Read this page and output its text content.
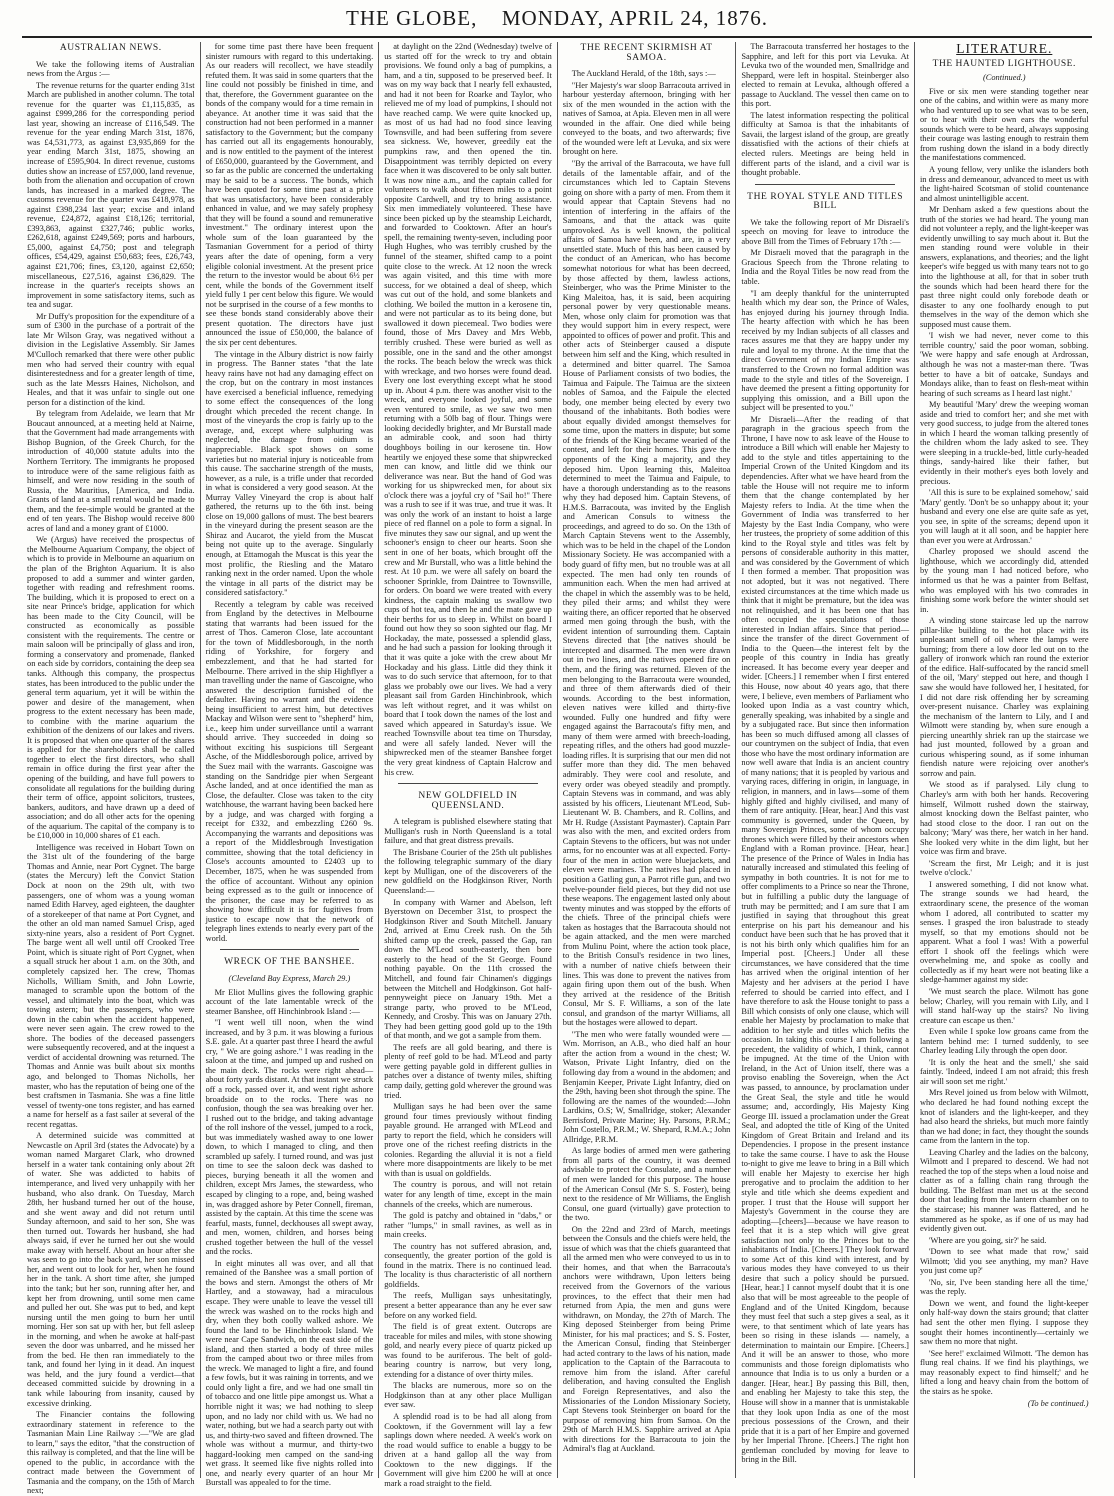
THE GLOBE, MONDAY, APRIL 24, 1876.
AUSTRALIAN NEWS.

We take the following items of Australian news from the Argus :—

The revenue returns for the quarter ending 31st March are published in another column. The total revenue for the quarter was £1,115,835, as against £999,286 for the corresponding period last year, showing an increase of £116,549. The revenue for the year ending March 31st, 1876, was £4,531,773, as against £3,935,869 for the year ending March 31st, 1875, showing an increase of £595,904. In direct revenue, customs duties show an increase of £57,000, land revenue, both from the alienation and occupation of crown lands, has increased in a marked degree. The customs revenue for the quarter was £418,978, as against £398,234 last year; excise and inland revenue, £24,872, against £18,126; territorial, £393,863, against £327,746; public works, £262,618, against £249,569; ports and harbours, £5,000, against £4,750; post and telegraph offices, £54,429, against £50,683; fees, £26,743, against £21,706; fines, £3,120, against £2,650; miscellaneous, £27,516, against £36,829. The increase in the quarter's receipts shows an improvement in some satisfactory items, such as tea and sugar.

Mr Duffy's proposition for the expenditure of a sum of £300 in the purchase of a portrait of the late Mr Wilson Gray, was negatived without a division in the Legislative Assembly. Sir James M'Culloch remarked that there were other public men who had served their country with equal disinterestedness and for a greater length of time, such as the late Messrs Haines, Nicholson, and Heales, and that it was unfair to single out one person for a distinction of the kind.

By telegram from Adelaide, we learn that Mr Boucaut announced, at a meeting held at Nairne, that the Government had made arrangements with Bishop Bugnion, of the Greek Church, for the introduction of 40,000 statute adults into the Northern Territory. The immigrants he proposed to introduce were of the same religious faith as himself, and were now residing in the south of Russia, the Mauritius, [America, and India. Grants of land at a small rental would be made to them, and the fee-simple would be granted at the end of ten years. The Bishop would receive 800 acres of land and a money grant of £1000.

We (Argus) have received the prospectus of the Melbourne Aquarium Company, the object of which is to provide in Melbourne an aquarium on the plan of the Brighton Aquarium. It is also proposed to add a summer and winter garden, together with reading and refreshment rooms. The building, which it is proposed to erect on a site near Prince's bridge, application for which has been made to the City Council, will be constructed as economically as possible consistent with the requirements. The centre or main saloon will be principally of glass and iron, forming a conservatory and promenade, flanked on each side by corridors, containing the deep sea tanks. Although this company, the prospectus states, has been introduced to the public under the general term aquarium, yet it will be within the power and desire of the management, when progress to the extent necessary has been made, to combine with the marine aquarium the exhibition of the denizens of our lakes and rivers. It is proposed that when one quarter of the shares is applied for the shareholders shall be called together to elect the first directors, who shall remain in office during the first year after the opening of the building, and have full powers to consolidate all regulations for the building during their term of office, appoint solicitors, trustees, bankers, auditors, and have drawn up a deed of association; and do all other acts for the opening of the aquarium. The capital of the company is to be £10,000 in 10,000 shares of £1 each.

Intelligence was received in Hobart Town on the 31st ult of the foundering of the barge Thomas and Annie, near Port Cygnet. The barge (states the Mercury) left the Convict Station Dock at noon on the 29th ult, with two passengers, one of whom was a young woman named Edith Harvey, aged eighteen, the daughter of a storekeeper of that name at Port Cygnet, and the other an old man named Samuel Crisp, aged sixty-nine years, also a resident of Port Cygnet. The barge went all well until off Crooked Tree Point, which is situate right of Port Cygnet, when a squall struck her about 1 a.m. on the 30th, and completely capsized her. The crew, Thomas Nicholls, William Smith, and John Lowrie, managed to scramble upon the bottom of the vessel, and ultimately into the boat, which was towing astern; but the passengers, who were down in the cabin when the accident happened, were never seen again. The crew rowed to the shore. The bodies of the deceased passengers were subsequently recovered, and at the inquest a verdict of accidental drowning was returned. The Thomas and Annie was built about six months ago, and belonged to Thomas Nicholls, her master, who has the reputation of being one of the best craftsmen in Tasmania. She was a fine little vessel of twenty-one tons register, and has earned a name for herself as a fast sailer at several of the recent regattas.

A determined suicide was committed at Newcastle on April 3rd (states the Advocate) by a woman named Margaret Clark, who drowned herself in a water tank containing only about 2ft of water. She was addicted to habits of intemperance, and lived very unhappily with her husband, who also drank. On Tuesday, March 28th, her husband turned her out of the house, and she went away and did not return until Sunday afternoon, and said to her son, She was then turned out. Towards her husband, she had always said, if ever he turned her out she would make away with herself. About an hour after she was seen to go into the back yard, her son missed her, and went out to look for her, when he found her in the tank. A short time after, she jumped into the tank; but her son, running after her, and kept her from drowning, until some men came and pulled her out. She was put to bed, and kept nursing until the men going to burn her until morning. Her son sat up with her, but fell asleep in the morning, and when he awoke at half-past seven the door was unbarred, and he missed her from the bed. He then ran immediately to the tank, and found her lying in it dead. An inquest was held, and the jury found a verdict—that deceased committed suicide by drowning in a tank while labouring from insanity, caused by excessive drinking.

The Financier contains the following extraordinary statement in reference to the Tasmanian Main Line Railway :—"We are glad to learn," says the editor, "that the construction of this railway is completed, and that the line will be opened to the public, in accordance with the contract made between the Government of Tasmania and the company, on the 15th of March next;

for some time past there have been frequent sinister rumours with regard to this undertaking. As our readers will recollect, we have steadily refuted them. It was said in some quarters that the line could not possibly be finished in time, and that, therefore, the Government guarantee on the bonds of the company would for a time remain in abeyance. At another time it was said that the construction had not been performed in a manner satisfactory to the Government; but the company has carried out all its engagements honourably, and is now entitled to the payment of the interest of £650,000, guaranteed by the Government, and so far as the public are concerned the undertaking may be said to be a success. The bonds, which have been quoted for some time past at a price that was unsatisfactory, have been considerably enhanced in value, and we may safely prophesy that they will be found a sound and remunerative investment." The ordinary interest upon the whole sum of the loan guaranteed by the Tasmanian Government for a period of thirty years after the date of opening, form a very eligible colonial investment. At the present price the return to the investor would be about 6½ per cent, while the bonds of the Government itself yield fully 1 per cent below this figure. We would not be surprised in the course of a few months to see these bonds stand considerably above their present quotation. The directors have just announced the issue of £50,000, the balance of the six per cent debentures.

The vintage in the Albury district is now fairly in progress. The Banner states "that the late heavy rains have not had any damaging effect on the crop, but on the contrary in most instances have exercised a beneficial influence, remedying to some effect the consequences of the long drought which preceded the recent change. In most of the vineyards the crop is fairly up to the average, and, except where sulphuring was neglected, the damage from oidium is inappreciable. Black spot shows on some varieties but no material injury is noticeable from this cause. The saccharine strength of the musts, however, as a rule, is a trifle under that recorded in what is considered a very good season. At the Murray Valley Vineyard the crop is about half gathered, the returns up to the 6th inst. being close on 19,000 gallons of must. The best bearers in the vineyard during the present season are the Shiraz and Aucarot, the yield from the Muscat being not quite up to the average. Singularly enough, at Ettamogah the Muscat is this year the most prolific, the Riesling and the Mataro ranking next in the order named. Upon the whole the vintage in all parts of the district may be considered satisfactory."

Recently a telegram by cable was received from England by the detectives in Melbourne stating that warrants had been issued for the arrest of Thos. Cameron Close, late accountant for the town of Middlesborough, in the north riding of Yorkshire, for forgery and embezzlement, and that he had started for Melbourne. There arrived in the ship Highflyer a man travelling under the name of Gascoigne, who answered the description furnished of the defaulter. Having no warrant and the evidence being insufficient to arrest him, but detectives Mackay and Wilson were sent to "shepherd" him, i.e., keep him under surveillance until a warrant should arrive. They succeeded in doing so without exciting his suspicions till Sergeant Asche, of the Middlesborough police, arrived by the Suez mail with the warrants. Gascoigne was standing on the Sandridge pier when Sergeant Asche landed, and at once identified the man as Close, the defaulter. Close was taken to the city watchhouse, the warrant having been backed here by a judge, and was charged with forging a receipt for £332, and embezzling £260 9s. Accompanying the warrants and depositions was a report of the Middlesbrough Investigation committee, showing that the total deficiency in Close's accounts amounted to £2403 up to December, 1875, when he was suspended from the office of accountant. Without any opinion being expressed as to the guilt or innocence of the prisoner, the case may be referred to as showing how difficult it is for fugitives from justice to escape now that the network of telegraph lines extends to nearly every part of the world.

WRECK OF THE BANSHEE.
(Cleveland Bay Express, March 29.)

Mr Eliot Mullins gives the following graphic account of the late lamentable wreck of the steamer Banshee, off Hinchinbrook Island :—

"I went well till noon, when the wind increased, and by 3 p.m. it was blowing a furious S.E. gale. At a quarter past three I heard the awful cry, " We are going ashore." I was reading in the saloon at the time, and jumped up and rushed on the main deck. The rocks were right ahead—about forty yards distant. At that instant we struck off a rock, passed over it, and went right ashore broadside on to the rocks. There was no confusion, though the sea was breaking over her. I rushed out to the bridge, and taking advantage of the roll inshore of the vessel, jumped to a rock, but was immediately washed away to one lower down, to which I managed to cling, and then scrambled up safely. I turned round, and was just on time to see the saloon deck was dashed to pieces, burying beneath it all the women and children, except Mrs James, the stewardess, who escaped by clinging to a rope, and, being washed in, was dragged ashore by Peter Connell, fireman, assisted by the captain. At this time the scene was fearful, masts, funnel, deckhouses all swept away, and men, women, children, and horses being crushed together between the hull of the vessel and the rocks.

In eight minutes all was over, and all that remained of the Banshee was a small portion of the bows and stern. Amongst the others of Mr Hartley, and a stowaway, had a miraculous escape. They were unable to leave the vessel till the wreck was washed on to the rocks high and dry, when they both coolly walked ashore. We found the land to be Hinchinbrook Island. We were near Cape Sandwich, on the east side of the island, and then started a body of three miles from the camped about two or three miles from the wreck. We managed to light a fire, and found a few fowls, but it was raining in torrents, and we could only light a fire, and we had one small tin of tobacco and one little pipe amongst us. What a horrible night it was; we had nothing to sleep upon, and no lady nor child with us. We had no water, nothing, but we had a search party out with us, and thirty-two saved and fifteen drowned. The whole was without a murmur, and thirty-two haggard-looking men camped on the sand-ing wet grass. It seemed like five nights rolled into one, and nearly every quarter of an hour Mr Burstall was appealed to for the time.

at daylight on the 22nd (Wednesday) twelve of us started off for the wreck to try and obtain provisions. We found only a bag of pumpkins, a ham, and a tin, supposed to be preserved beef. It was on my way back that I nearly fell exhausted, and had it not been for Roarke and Taylor, who relieved me of my load of pumpkins, I should not have reached camp. We were quite knocked up, as most of us had had no food since leaving Townsville, and had been suffering from severe sea sickness. We, however, greedily eat the pumpkins raw, and then opened the tin. Disappointment was terribly depicted on every face when it was discovered to be only salt butter. It was now nine a.m., and the captain called for volunteers to walk about fifteen miles to a point opposite Cardwell, and try to bring assistance. Six men immediately volunteered. These have since been picked up by the steamship Leichardt, and forwarded to Cooktown. After an hour's spell, the remaining twenty-seven, including poor Hugh Hughes, who was terribly crushed by the funnel of the steamer, shifted camp to a point quite close to the wreck. At 12 noon the wreck was again visited, and this time with more success, for we obtained a deal of sheep, which was cut out of the hold, and some blankets and clothing. We boiled the mutton in a kerosene tin, and were not particular as to its being done, but swallowed it down piecemeal. Two bodies were found, those of Mrs Davey and Mrs Webb, terribly crushed. These were buried as well as possible, one in the sand and the other amongst the rocks. The beach below the wreck was thick with wreckage, and two horses were found dead. Every one lost everything except what he stood up in. About 4 p.m. there was another visit to the wreck, and everyone looked joyful, and some even ventured to smile, as we saw two men returning with a 50lb bag of flour. Things were looking decidedly brighter, and Mr Burstall made an admirable cook, and soon had thirty doughboys boiling in our kerosene tin. How heartily we enjoyed these some that shipwrecked men can know, and little did we think our deliverance was near. But the hand of God was working for us shipwrecked men, for about six o'clock there was a joyful cry of "Sail ho!" There was a rush to see if it was true, and true it was. It was only the work of an instant to hoist a large piece of red flannel on a pole to form a signal. In five minutes they saw our signal, and up went the schooner's ensign to cheer our hearts. Soon she sent in one of her boats, which brought off the crew and Mr Burstall, who was a little behind the rest. At 10 p.m. we were all safely on board the schooner Sprinkle, from Daintree to Townsville, for orders. On board we were treated with every kindness, the captain making us swallow two cups of hot tea, and then he and the mate gave up their berths for us to sleep in. Whilst on board I found out how they so soon sighted our flag. Mr Hockaday, the mate, possessed a splendid glass, and he had such a passion for looking through it that it was quite a joke with the crew about Mr Hockaday and his glass. Little did they think it was to do such service that afternoon, for to that glass we probably owe our lives. We had a very pleasant sail from Garden Hinchinbrook, which was left without regret, and it was whilst on board that I took down the names of the lost and saved which appeared in Saturday's issue. We reached Townsville about tea time on Thursday, and were all safely landed. Never will the shipwrecked men of the steamer Banshee forget the very great kindness of Captain Halcrow and his crew.

NEW GOLDFIELD IN QUEENSLAND.

A telegram is published elsewhere stating that Mulligan's rush in North Queensland is a total failure, and that great distress prevails.

The Brisbane Courier of the 25th ult publishes the following telegraphic summary of the diary kept by Mulligan, one of the discoverers of the new goldfield on the Hodgkinson River, North Queensland:—

In company with Warner and Abelson, left Byerstown on December 31st, to prospect the Hodgkinson River and South Mitchell. January 2nd, arrived at Emu Creek rush. On the 5th shifted camp up the creek, passed the Gap, ran down the M'Leod south-easterly, then bore easterly to the head of the St George. Found nothing payable. On the 11th crossed the Mitchell, and found fair Chinamen's diggings between the Mitchell and Hodgkinson. Got half-pennyweight piece on January 19th. Met a strange party, who proved to be M'Leod, Kennedy, and Crosby. This was on January 27th. They had been getting good gold up to the 19th of that month, and we got a sample from them.

The reefs are all gold bearing, and there is plenty of reef gold to be had. M'Leod and party were getting payable gold in different gullies in patches over a distance of twenty miles, shifting camp daily, getting gold wherever the ground was tried.

Mulligan says he had been over the same ground four times previously without finding payable ground. He arranged with M'Leod and party to report the field, which he considers will prove one of the richest reefing districts in the colonies. Regarding the alluvial it is not a field where more disappointments are likely to be met with than is usual on goldfields.

The country is porous, and will not retain water for any length of time, except in the main channels of the creeks, which are numerous.

The gold is patchy and obtained in "dabs," or rather "lumps," in small ravines, as well as in main creeks.

The country has not suffered abrasion, and, consequently, the greater portion of the gold is found in the matrix. There is no continued lead. The locality is thus characteristic of all northern goldfields.

The reefs, Mulligan says unhesitatingly, present a better appearance than any he ever saw before on any worked field.

The field is of great extent. Outcrops are traceable for miles and miles, with stone showing gold, and nearly every piece of quartz picked up was found to be auriferous. The belt of gold-bearing country is narrow, but very long, extending for a distance of over thirty miles.

The blacks are numerous, more so on the Hodgkinson than at any other place Mulligan ever saw.

A splendid road is to be had all along from Cooktown, if the Government will lay a few saplings down where needed. A week's work on the road would suffice to enable a buggy to be driven at a hand gallop all the way from Cooktown to the new diggings. If the Government will give him £200 he will at once mark a road straight to the field.

THE RECENT SKIRMISH AT SAMOA.

The Auckland Herald, of the 18th, says :—

"Her Majesty's war sloop Barracouta arrived in harbour yesterday afternoon, bringing with her six of the men wounded in the action with the natives of Samoa, at Apia. Eleven men in all were wounded in the affair. One died while being conveyed to the boats, and two afterwards; five of the wounded were left at Levuka, and six were brought on here.

"By the arrival of the Barracouta, we have full details of the lamentable affair, and of the circumstances which led to Captain Stevens going on shore with a party of men. From them it would appear that Captain Stevens had no intention of interfering in the affairs of the Samoans, and that the attack was quite unprovoked. As is well known, the political affairs of Samoa have been, and are, in a very unsettled state. Much of this has been caused by the conduct of an American, who has become somewhat notorious for what has been decreed, by those affected by them, lawless actions, Steinberger, who was the Prime Minister to the King Maleitoa, has, it is said, been acquiring personal power by very questionable means. Men, whose only claim for promotion was that they would support him in every respect, were appointed to offices of power and profit. This and other acts of Steinberger caused a dispute between him self and the King, which resulted in a determined and bitter quarrel. The Samoa House of Parliament consists of two bodies, the Taimua and Faipule. The Taimua are the sixteen nobles of Samoa, and the Faipule the elected body, one member being elected by every two thousand of the inhabitants. Both bodies were about equally divided amongst themselves for some time, upon the matters in dispute; but some of the friends of the King became wearied of the contest, and left for their homes. This gave the opponents of the King a majority, and they deposed him. Upon learning this, Maleitoa determined to meet the Taimua and Faipule, to have a thorough understanding as to the reasons why they had deposed him. Captain Stevens, of H.M.S. Barracouta, was invited by the English and American Consuls to witness the proceedings, and agreed to do so. On the 13th of March Captain Stevens went to the Assembly, which was to be held in the chapel of the London Missionary Society. He was accompanied with a body guard of fifty men, but no trouble was at all expected. The men had only ten rounds of ammunition each. When the men had arrived at the chapel in which the assembly was to be held, they piled their arms; and whilst they were waiting there, an officer reported that he observed armed men going through the bush, with the evident intention of surrounding them. Captain Stevens directed that [the natives should be intercepted and disarmed. The men were drawn out in two lines, and the natives opened fire on them, and the firing was returned. Eleven of the men belonging to the Barracouta were wounded, and three of them afterwards died of their wounds. According to the best information, eleven natives were killed and thirty-five wounded. Fully one hundred and fifty were engaged against the Barracouta's fifty men, and many of them were armed with breech-loading, repeating rifles, and the others had good muzzle-loading rifles. It is surprising that our men did not suffer more than they did. The men behaved admirably. They were cool and resolute, and every order was obeyed steadily and promptly. Captain Stevens was in command, and was ably assisted by his officers, Lieutenant M'Leod, Sub-Lieutenant W. B. Chambers, and R. Collins, and Mr H. Rudge (Assistant Paymaster). Captain Parr was also with the men, and excited orders from Captain Stevens to the officers, but was not under arms, for no encounter was at all expected. Forty-four of the men in action were bluejackets, and eleven were marines. The natives had placed in position a Gatling gun, a Parrot rifle gun, and two twelve-pounder field pieces, but they did not use these weapons. The engagement lasted only about twenty minutes and was stopped by the efforts of the chiefs. Three of the principal chiefs were taken as hostages that the Barracouta should not be again attacked, and the men were marched from Mulinu Point, where the action took place, to the British Consul's residence in two lines, with a number of native chiefs between their lines. This was done to prevent the natives from again firing upon them out of the bush. When they arrived at the residence of the British Consul, Mr S. F. Williams, a son of the late consul, and grandson of the martyr Williams, all but the hostages were allowed to depart.

"The men who were fatally wounded were —Wm. Morrison, an A.B., who died half an hour after the action from a wound in the chest; W. Watson, Private Light Infantry, died on the following day from a wound in the abdomen; and Benjamin Keeper, Private Light Infantry, died on the 29th, having been shot through the spine. The following are the names of the wounded:—John Lardkins, O.S; W, Smallridge, stoker; Alexander Berrisford, Private Marine; Hy. Parsons, P.R.M.; John Costello, P.R.M.; W. Shepard, R.M.A.; John Allridge, P.R.M.

As large bodies of armed men were gathering from all parts of the country, it was deemed advisable to protect the Consulate, and a number of men were landed for this purpose. The house of the American Consul (Mr S. S. Foster), being next to the residence of Mr Williams, the English Consul, one guard (virtually) gave protection to the two.

On the 22nd and 23rd of March, meetings between the Consuls and the chiefs were held, the issue of which was that the chiefs guaranteed that all the armed men who were conveyed to us in to their homes, and that when the Barracouta's anchors were withdrawn, Upon letters being received from the Governors of the various provinces, to the effect that their men had returned from Apia, the men and guns were withdrawn, on Monday, the 27th of March. The King deposed Steinberger from being Prime Minister, for his mal practices; and S. S. Foster, the American Consul, finding that Steinberger had acted contrary to the laws of his nation, made application to the Captain of the Barracouta to remove him from the island. After careful deliberation, and having consulted the English and Foreign Representatives, and also the Missionaries of the London Missionary Society, Capt Stevens took Steinberger on board for the purpose of removing him from Samoa. On the 29th of March H.M.S. Sapphire arrived at Apia with directions for the Barracouta to join the Admiral's flag at Auckland.

The Barracouta transferred her hostages to the Sapphire, and left for this port via Levuka. At Levuka two of the wounded men, Smallridge and Sheppard, were left in hospital. Steinberger also elected to remain at Levuka, although offered a passage to Auckland. The vessel then came on to this port.

The latest information respecting the political difficulty at Samoa is that the inhabitants of Savaii, the largest island of the group, are greatly dissatisfied with the actions of their chiefs at elected rulers. Meetings are being held in different parts of the island, and a civil war is thought probable.

THE ROYAL STYLE AND TITLES BILL

We take the following report of Mr Disraeli's speech on moving for leave to introduce the above Bill from the Times of February 17th :—

Mr Disraeli moved that the paragraph in the Gracious Speech from the Throne relating to India and the Royal Titles be now read from the table.

"I am deeply thankful for the uninterrupted health which my dear son, the Prince of Wales, has enjoyed during his journey through India. The hearty affection with which he has been received by my Indian subjects of all classes and races assures me that they are happy under my rule and loyal to my throne. At the time that the direct Government of my Indian Empire was transferred to the Crown no formal addition was made to the style and titles of the Sovereign. I have deemed the present a fitting opportunity for supplying this omission, and a Bill upon the subject will be presented to you."

Mr Disraeli—After the reading of that paragraph in the gracious speech from the Throne, I have now to ask leave of the House to introduce a Bill which will enable her Majesty to add to the style and titles appertaining to the Imperial Crown of the United Kingdom and its dependencies. After what we have heard from the table the House will not require me to inform them that the change contemplated by her Majesty refers to India. At the time when the Government of India was transferred to her Majesty by the East India Company, who were her trustees, the propriety of some addition of this kind to the Royal style and titles was felt by persons of considerable authority in this matter, and was considered by the Government of which I then formed a member. That proposition was not adopted, but it was not negatived. There existed circumstances at the time which made us think that it might be premature, but the idea was not relinquished, and it has been one that has often occupied the speculations of those interested in Indian affairs. Since that period—since the transfer of the direct Government of India to the Queen—the interest felt by the people of this country in India has greatly increased. It has become every year deeper and wider. [Cheers.] I remember when I first entered this House, now about 40 years ago, that there were, I believe, even members of Parliament who looked upon India as a vast country which, generally speaking, was inhabited by a single and by a subjugated race. But since then information has been so much diffused among all classes of our countrymen on the subject of India, that even those who have the most ordinary information are now well aware that India is an ancient country of many nations; that it is peopled by various and varying races, differing in origin, in language, in religion, in manners, and in laws—some of them highly gifted and highly civilised, and many of them of rare antiquity. [Hear, hear.] And this vast community is governed, under the Queen, by many Sovereign Princes, some of whom occupy thrones which were filled by their ancestors when England with a Roman province. [Hear, hear.] The presence of the Prince of Wales in India has naturally increased and stimulated this feeling of sympathy in both countries. It is not for me to offer compliments to a Prince so near the Throne, but in fulfilling a public duty the language of truth may be permitted; and I am sure that I am justified in saying that throughout this great enterprise on his part his demeanour and his conduct have been such that he has proved that it is not his birth only which qualifies him for an Imperial post. [Cheers.] Under all these circumstances, we have considered that the time has arrived when the original intention of her Majesty and her advisers at the period I have referred to should be carried into effect, and I have therefore to ask the House tonight to pass a Bill which consists of only one clause, which will enable her Majesty by proclamation to make that addition to her style and titles which befits the occasion. In taking this course I am following a precedent, the validity of which, I think, cannot be impugned. At the time of the Union with Ireland, in the Act of Union itself, there was a proviso enabling the Sovereign, when the Act was passed, to announce, by proclamation under the Great Seal, the style and title he would assume; and, accordingly, His Majesty King George III. issued a proclamation under the Great Seal, and adopted the title of King of the United Kingdom of Great Britain and Ireland and its Dependencies. I propose in the present instance to take the same course. I have to ask the House to-night to give me leave to bring in a Bill which will enable her Majesty to exercise her high prerogative and to proclaim the addition to her style and title which she deems expedient and proper. I trust that the House will support her Majesty's Government in the course they are adopting—[cheers]—because we have reason to feel that it is a step which will give great satisfaction not only to the Princes but to the inhabitants of India. [Cheers.] They look forward to some Act of this kind with interest, and by various modes they have conveyed to us their desire that such a policy should be pursued. [Hear, hear.] I cannot myself doubt that it is one also that will be most agreeable to the people of England and of the United Kingdom, because they must feel that such a step gives a seal, as it were, to that sentiment which of late years has been so rising in these islands — namely, a determination to maintain our Empire. [Cheers.] And it will be an answer to those, who more communists and those foreign diplomatists who announce that India is to us only a burden or a danger. [Hear, hear.] By passing this Bill, then, and enabling her Majesty to take this step, the House will show in a manner that is unmistakable that they look upon India as one of the most precious possessions of the Crown, and their pride that it is a part of her Empire and governed by her Imperial Throne. [Cheers.] The right hon gentleman concluded by moving for leave to bring in the Bill.

LITERATURE.
THE HAUNTED LIGHTHOUSE.
(Continued.)

Five or six men were standing together near one of the cabins, and within were as many more who had ventured up to see what was to be seen, or to hear with their own ears the wonderful sounds which were to be heard, always supposing their courage was lasting enough to restrain them from rushing down the island in a body directly the manifestations commenced.

A young fellow, very unlike the islanders both in dress and demeanour, advanced to meet us with the light-haired Scotsman of stolid countenance and almost unintelligible accent.

Mr Denham asked a few questions about the truth of the stories we had heard. The young man did not volunteer a reply, and the light-keeper was evidently unwilling to say much about it. But the men standing round were voluble in their answers, explanations, and theories; and the light keeper's wife begged us with many tears not to go into the lighthouse at all, for that in sober truth the sounds which had been heard there for the past three night could only forebode death or disaster to any one foolhardy enough to put themselves in the way of the demon which she supposed must cause them.

'I wish we had never, never come to this terrible country,' said the poor woman, sobbing. 'We were happy and safe enough at Ardrossan, although he was not a master-man there. 'Twas better to have a bit of oatcake, Sundays and Mondays alike, than to feast on flesh-meat within hearing of such screams as I heard last night.'

My beautiful 'Mary' drew the weeping woman aside and tried to comfort her; and she met with very good success, to judge from the altered tones in which I heard the woman talking presently of the children whom the lady asked to see. They were sleeping in a truckle-bed, little curly-headed things, sandy-haired like their father, but evidently in their mother's eyes both lovely and precious.

'All this is sure to be explained somehow,' said 'Mary' gently. 'Don't be so unhappy about it; your husband and every one else are quite safe as yet, you see, in spite of the screams; depend upon it you will laugh at it all soon, and be happier here than ever you were at Ardrossan.'

Charley proposed we should ascend the lighthouse, which we accordingly did, attended by the young man I had noticed before, who informed us that he was a painter from Belfast, who was employed with his two comrades in finishing some work before the winter should set in.

A winding stone staircase led up the narrow pillar-like building to the hot place with its unpleasant smell of oil where the lamps were burning; from there a low door led out on to the gallery of ironwork which ran round the exterior of the edifice. Half-suffocated by the rancid smell of the oil, 'Mary' stepped out here, and though I saw she would have followed her, I hesitated, for I did not dare risk offending her by screaming over-present nuisance. Charley was explaining the mechanism of the lantern to Lily, and I and Wilmott were standing by, when sure enough a piercing unearthly shriek ran up the staircase we had just mounted, followed by a groan and curious whispering sound, as if some inhuman fiendish nature were rejoicing over another's sorrow and pain.

We stood as if paralysed. Lily clung to Charley's arm with both her hands. Recovering himself, Wilmott rushed down the stairway, almost knocking down the Belfast painter, who had stood close to the door. I ran out on the balcony; 'Mary' was there, her watch in her hand. She looked very white in the dim light, but her voice was firm and brave.

'Scream the first, Mr Leigh; and it is just twelve o'clock.'

I answered something, I did not know what. The strange sounds we had heard, the extraordinary scene, the presence of the woman whom I adored, all contributed to scatter my senses. I grasped the iron balustrade to steady myself, so that my emotions should not be apparent. What a fool I was! With a powerful effort I shook off the feelings which were overwhelming me, and spoke as coolly and collectedly as if my heart were not beating like a sledge-hammer against my side:

'We must search the place. Wilmott has gone below; Charley, will you remain with Lily, and I will stand half-way up the stairs? No living creature can escape us then.'

Even while I spoke low groans came from the lantern behind me: I turned suddenly, to see Charley leading Lily through the open door.

'It is only the heat and the smell,' she said faintly. 'Indeed, indeed I am not afraid; this fresh air will soon set me right.'

Mrs Revel joined us from below with Wilmott, who declared he had found nothing except the knot of islanders and the light-keeper, and they had also heard the shrieks, but much more faintly than we had done; in fact, they thought the sounds came from the lantern in the top.

Leaving Charley and the ladies on the balcony, Wilmott and I prepared to descend. We had not reached the top of the steps when a loud noise and clatter as of a falling chain rang through the building. The Belfast man met us at the second door that leading from the lantern chamber on to the staircase; his manner was flattered, and he stammered as he spoke, as if one of us may had evidently given out.

'Where are you going, sir?' he said.

'Down to see what made that row,' said Wilmott; 'did you see anything, my man? Have you just come up?'

'No, sir, I've been standing here all the time,' was the reply.

Down we went, and found the light-keeper only half-way down the stairs ground; that clatter had sent the other men flying. I suppose they sought their homes incontinently—certainly we saw them no more that night.

'See here!' exclaimed Wilmott. 'The demon has flung real chains. If we find his playthings, we may reasonably expect to find himself;' and he lifted a long and heavy chain from the bottom of the stairs as he spoke.

(To be continued.)
